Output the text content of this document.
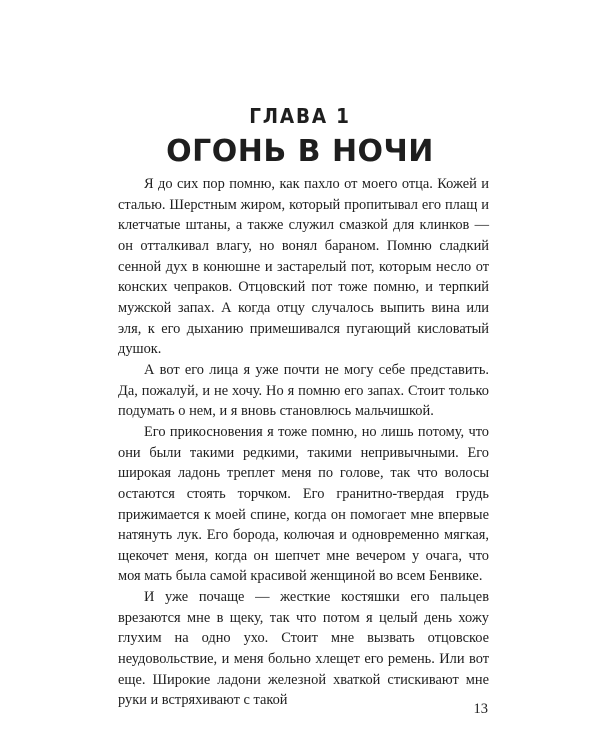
ГЛАВА 1
ОГОНЬ В НОЧИ

Я до сих пор помню, как пахло от моего отца. Кожей и сталью. Шерстным жиром, который пропитывал его плащ и клетчатые штаны, а также служил смазкой для клинков — он отталкивал влагу, но вонял бараном. Помню сладкий сенной дух в конюшне и застарелый пот, которым несло от конских чепраков. Отцовский пот тоже помню, и терпкий мужской запах. А когда отцу случалось выпить вина или эля, к его дыханию примешивался пугающий кисловатый душок.

А вот его лица я уже почти не могу себе представить. Да, пожалуй, и не хочу. Но я помню его запах. Стоит только подумать о нем, и я вновь становлюсь мальчишкой.

Его прикосновения я тоже помню, но лишь потому, что они были такими редкими, такими непривычными. Его широкая ладонь треплет меня по голове, так что волосы остаются стоять торчком. Его гранитно-твердая грудь прижимается к моей спине, когда он помогает мне впервые натянуть лук. Его борода, колючая и одновременно мягкая, щекочет меня, когда он шепчет мне вечером у очага, что моя мать была самой красивой женщиной во всем Бенвике.

И уже почаще — жесткие костяшки его пальцев врезаются мне в щеку, так что потом я целый день хожу глухим на одно ухо. Стоит мне вызвать отцовское неудовольствие, и меня больно хлещет его ремень. Или вот еще. Широкие ладони железной хваткой стискивают мне руки и встряхивают с такой

13
